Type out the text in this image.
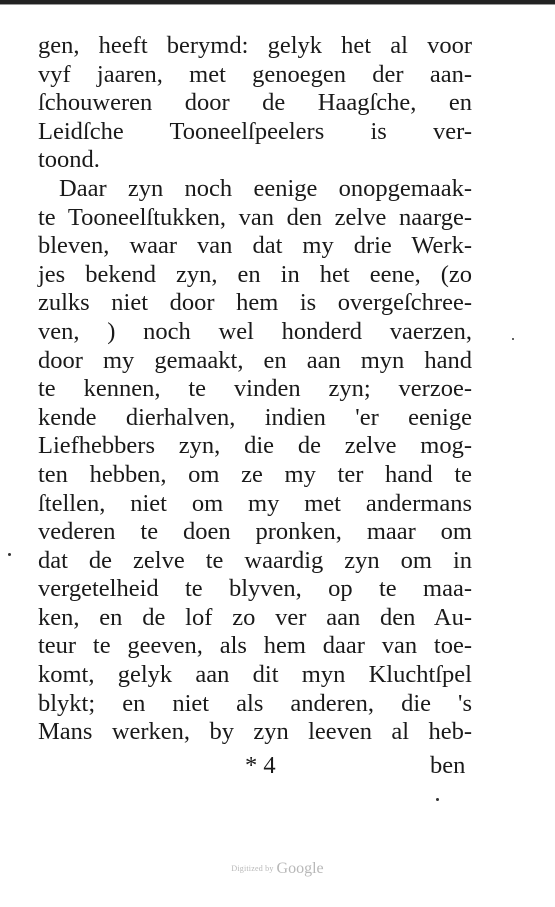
gen, heeft berymd: gelyk het al voor
vyf jaaren, met genoegen der aan-
ſchouweren door de Haagſche, en
Leidſche Tooneelſpeelers is ver-
toond.
Daar zyn noch eenige onopgemaak-
te Tooneelſtukken, van den zelve naarge-
bleven, waar van dat my drie Werk-
jes bekend zyn, en in het eene, (zo
zulks niet door hem is overgeſchree-
ven, ) noch wel honderd vaerzen,
door my gemaakt, en aan myn hand
te kennen, te vinden zyn; verzoe-
kende dierhalven, indien 'er eenige
Liefhebbers zyn, die de zelve mog-
ten hebben, om ze my ter hand te
ſtellen, niet om my met andermans
vederen te doen pronken, maar om
dat de zelve te waardig zyn om in
vergetelheid te blyven, op te maa-
ken, en de lof zo ver aan den Au-
teur te geeven, als hem daar van toe-
komt, gelyk aan dit myn Kluchtſpel
blykt; en niet als anderen, die 's
Mans werken, by zyn leeven al heb-
* 4	ben
Digitized by Google
